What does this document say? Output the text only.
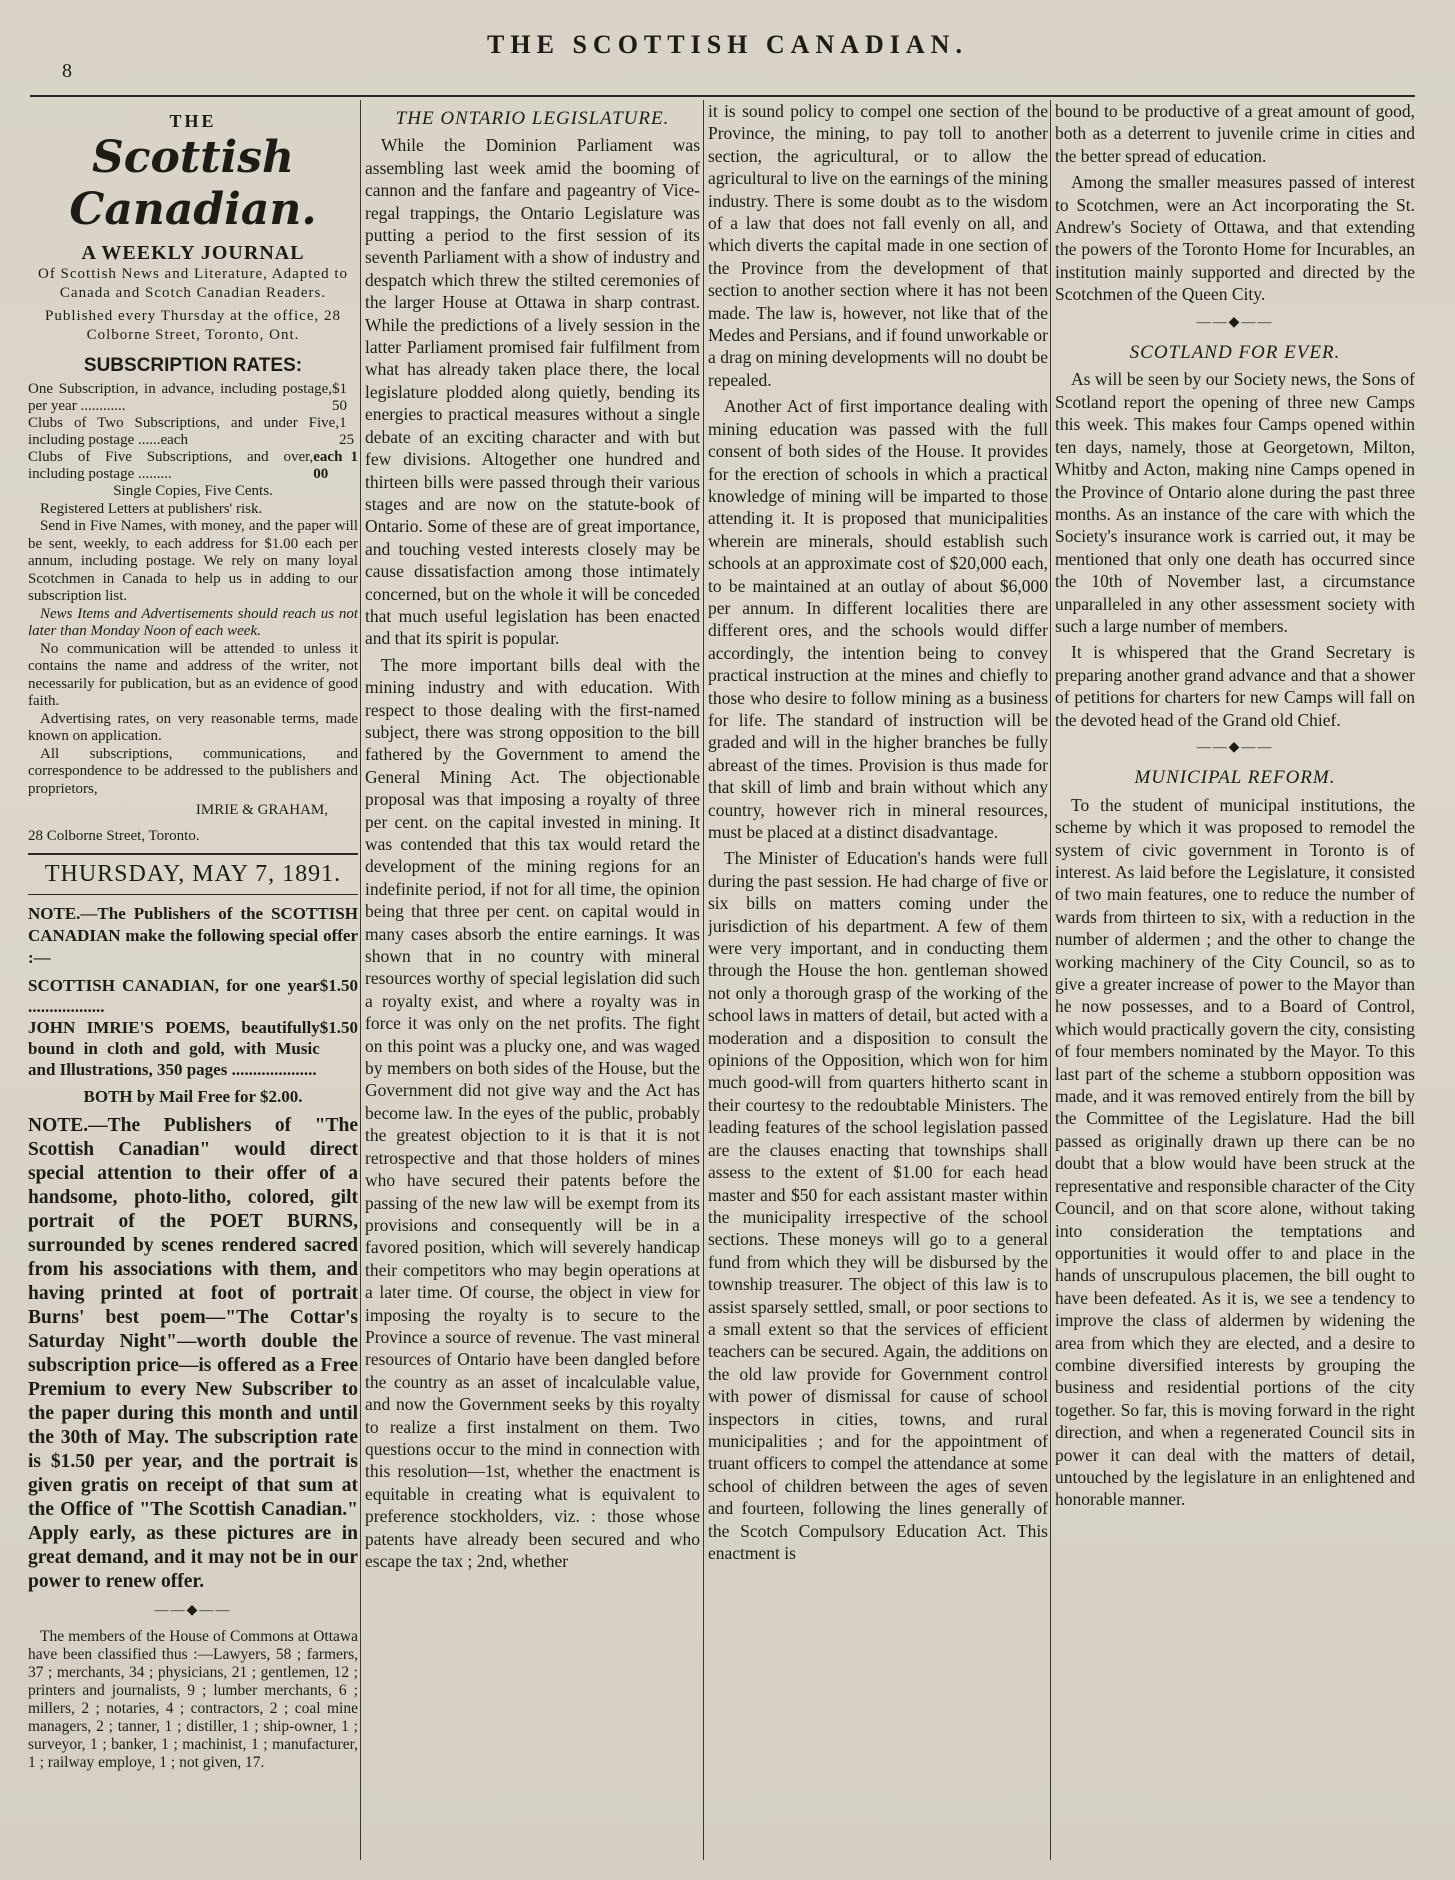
8
THE SCOTTISH CANADIAN.
THE
Scottish Canadian.
A WEEKLY JOURNAL
Of Scottish News and Literature, Adapted to Canada and Scotch Canadian Readers.
Published every Thursday at the office, 28 Colborne Street, Toronto, Ont.
SUBSCRIPTION RATES:
One Subscription, in advance, including postage, per year ............
$1 50
Clubs of Two Subscriptions, and under Five, including postage ......each
1 25
Clubs of Five Subscriptions, and over, including postage .........
each 1 00
Single Copies, Five Cents.

Registered Letters at publishers' risk.

Send in Five Names, with money, and the paper will be sent, weekly, to each address for $1.00 each per annum, including postage. We rely on many loyal Scotchmen in Canada to help us in adding to our subscription list.

News Items and Advertisements should reach us not later than Monday Noon of each week.

No communication will be attended to unless it contains the name and address of the writer, not necessarily for publication, but as an evidence of good faith.

Advertising rates, on very reasonable terms, made known on application.

All subscriptions, communications, and correspondence to be addressed to the publishers and proprietors,

IMRIE & GRAHAM,
28 Colborne Street, Toronto.
THURSDAY, MAY 7, 1891.
NOTE.—The Publishers of the SCOTTISH CANADIAN make the following special offer :—
SCOTTISH CANADIAN, for one year ..................
$1.50
JOHN IMRIE'S POEMS, beautifully bound in cloth and gold, with Music and Illustrations, 350 pages ....................
$1.50
BOTH by Mail Free for $2.00.
NOTE.—The Publishers of "The Scottish Canadian" would direct special attention to their offer of a handsome, photo-litho, colored, gilt portrait of the POET BURNS, surrounded by scenes rendered sacred from his associations with them, and having printed at foot of portrait Burns' best poem—"The Cottar's Saturday Night"—worth double the subscription price—is offered as a Free Premium to every New Subscriber to the paper during this month and until the 30th of May. The subscription rate is $1.50 per year, and the portrait is given gratis on receipt of that sum at the Office of "The Scottish Canadian." Apply early, as these pictures are in great demand, and it may not be in our power to renew offer.
——◆——

The members of the House of Commons at Ottawa have been classified thus :—Lawyers, 58 ; farmers, 37 ; merchants, 34 ; physicians, 21 ; gentlemen, 12 ; printers and journalists, 9 ; lumber merchants, 6 ; millers, 2 ; notaries, 4 ; contractors, 2 ; coal mine managers, 2 ; tanner, 1 ; distiller, 1 ; ship-owner, 1 ; surveyor, 1 ; banker, 1 ; machinist, 1 ; manufacturer, 1 ; railway employe, 1 ; not given, 17.

THE ONTARIO LEGISLATURE.

While the Dominion Parliament was assembling last week amid the booming of cannon and the fanfare and pageantry of Vice-regal trappings, the Ontario Legislature was putting a period to the first session of its seventh Parliament with a show of industry and despatch which threw the stilted ceremonies of the larger House at Ottawa in sharp contrast. While the predictions of a lively session in the latter Parliament promised fair fulfilment from what has already taken place there, the local legislature plodded along quietly, bending its energies to practical measures without a single debate of an exciting character and with but few divisions. Altogether one hundred and thirteen bills were passed through their various stages and are now on the statute-book of Ontario. Some of these are of great importance, and touching vested interests closely may be cause dissatisfaction among those intimately concerned, but on the whole it will be conceded that much useful legislation has been enacted and that its spirit is popular.

The more important bills deal with the mining industry and with education. With respect to those dealing with the first-named subject, there was strong opposition to the bill fathered by the Government to amend the General Mining Act. The objectionable proposal was that imposing a royalty of three per cent. on the capital invested in mining. It was contended that this tax would retard the development of the mining regions for an indefinite period, if not for all time, the opinion being that three per cent. on capital would in many cases absorb the entire earnings. It was shown that in no country with mineral resources worthy of special legislation did such a royalty exist, and where a royalty was in force it was only on the net profits. The fight on this point was a plucky one, and was waged by members on both sides of the House, but the Government did not give way and the Act has become law. In the eyes of the public, probably the greatest objection to it is that it is not retrospective and that those holders of mines who have secured their patents before the passing of the new law will be exempt from its provisions and consequently will be in a favored position, which will severely handicap their competitors who may begin operations at a later time. Of course, the object in view for imposing the royalty is to secure to the Province a source of revenue. The vast mineral resources of Ontario have been dangled before the country as an asset of incalculable value, and now the Government seeks by this royalty to realize a first instalment on them. Two questions occur to the mind in connection with this resolution—1st, whether the enactment is equitable in creating what is equivalent to preference stockholders, viz. : those whose patents have already been secured and who escape the tax ; 2nd, whether

it is sound policy to compel one section of the Province, the mining, to pay toll to another section, the agricultural, or to allow the agricultural to live on the earnings of the mining industry. There is some doubt as to the wisdom of a law that does not fall evenly on all, and which diverts the capital made in one section of the Province from the development of that section to another section where it has not been made. The law is, however, not like that of the Medes and Persians, and if found unworkable or a drag on mining developments will no doubt be repealed.

Another Act of first importance dealing with mining education was passed with the full consent of both sides of the House. It provides for the erection of schools in which a practical knowledge of mining will be imparted to those attending it. It is proposed that municipalities wherein are minerals, should establish such schools at an approximate cost of $20,000 each, to be maintained at an outlay of about $6,000 per annum. In different localities there are different ores, and the schools would differ accordingly, the intention being to convey practical instruction at the mines and chiefly to those who desire to follow mining as a business for life. The standard of instruction will be graded and will in the higher branches be fully abreast of the times. Provision is thus made for that skill of limb and brain without which any country, however rich in mineral resources, must be placed at a distinct disadvantage.

The Minister of Education's hands were full during the past session. He had charge of five or six bills on matters coming under the jurisdiction of his department. A few of them were very important, and in conducting them through the House the hon. gentleman showed not only a thorough grasp of the working of the school laws in matters of detail, but acted with a moderation and a disposition to consult the opinions of the Opposition, which won for him much good-will from quarters hitherto scant in their courtesy to the redoubtable Ministers. The leading features of the school legislation passed are the clauses enacting that townships shall assess to the extent of $1.00 for each head master and $50 for each assistant master within the municipality irrespective of the school sections. These moneys will go to a general fund from which they will be disbursed by the township treasurer. The object of this law is to assist sparsely settled, small, or poor sections to a small extent so that the services of efficient teachers can be secured. Again, the additions on the old law provide for Government control with power of dismissal for cause of school inspectors in cities, towns, and rural municipalities ; and for the appointment of truant officers to compel the attendance at some school of children between the ages of seven and fourteen, following the lines generally of the Scotch Compulsory Education Act. This enactment is

bound to be productive of a great amount of good, both as a deterrent to juvenile crime in cities and the better spread of education.

Among the smaller measures passed of interest to Scotchmen, were an Act incorporating the St. Andrew's Society of Ottawa, and that extending the powers of the Toronto Home for Incurables, an institution mainly supported and directed by the Scotchmen of the Queen City.

——◆——
SCOTLAND FOR EVER.

As will be seen by our Society news, the Sons of Scotland report the opening of three new Camps this week. This makes four Camps opened within ten days, namely, those at Georgetown, Milton, Whitby and Acton, making nine Camps opened in the Province of Ontario alone during the past three months. As an instance of the care with which the Society's insurance work is carried out, it may be mentioned that only one death has occurred since the 10th of November last, a circumstance unparalleled in any other assessment society with such a large number of members.

It is whispered that the Grand Secretary is preparing another grand advance and that a shower of petitions for charters for new Camps will fall on the devoted head of the Grand old Chief.

——◆——
MUNICIPAL REFORM.

To the student of municipal institutions, the scheme by which it was proposed to remodel the system of civic government in Toronto is of interest. As laid before the Legislature, it consisted of two main features, one to reduce the number of wards from thirteen to six, with a reduction in the number of aldermen ; and the other to change the working machinery of the City Council, so as to give a greater increase of power to the Mayor than he now possesses, and to a Board of Control, which would practically govern the city, consisting of four members nominated by the Mayor. To this last part of the scheme a stubborn opposition was made, and it was removed entirely from the bill by the Committee of the Legislature. Had the bill passed as originally drawn up there can be no doubt that a blow would have been struck at the representative and responsible character of the City Council, and on that score alone, without taking into consideration the temptations and opportunities it would offer to and place in the hands of unscrupulous placemen, the bill ought to have been defeated. As it is, we see a tendency to improve the class of aldermen by widening the area from which they are elected, and a desire to combine diversified interests by grouping the business and residential portions of the city together. So far, this is moving forward in the right direction, and when a regenerated Council sits in power it can deal with the matters of detail, untouched by the legislature in an enlightened and honorable manner.
